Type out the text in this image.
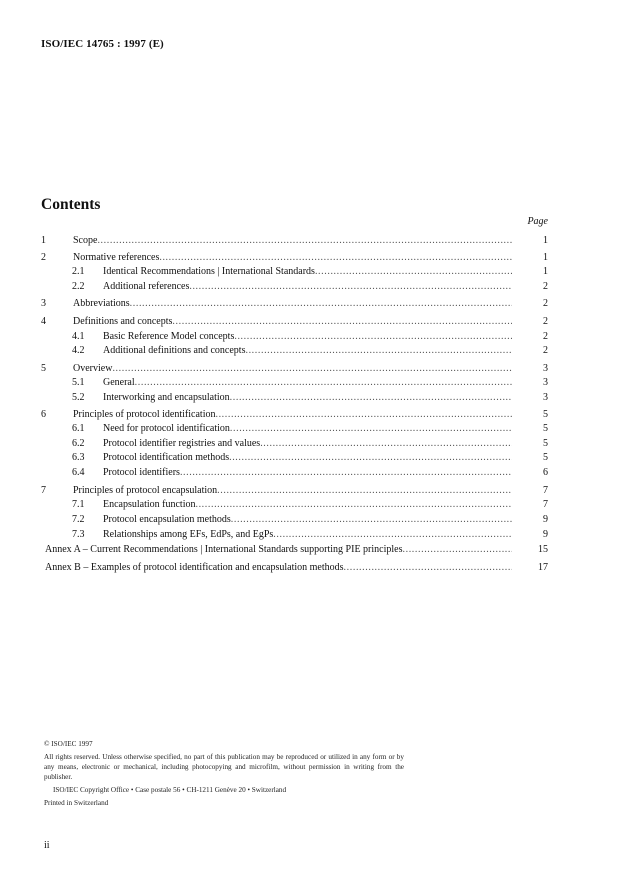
ISO/IEC 14765 : 1997 (E)
Contents
Page
1	Scope .....	1
2	Normative references .....	1
2.1 Identical Recommendations | International Standards .....	1
2.2 Additional references .....	2
3	Abbreviations .....	2
4	Definitions and concepts .....	2
4.1 Basic Reference Model concepts .....	2
4.2 Additional definitions and concepts .....	2
5	Overview .....	3
5.1 General .....	3
5.2 Interworking and encapsulation .....	3
6	Principles of protocol identification .....	5
6.1 Need for protocol identification .....	5
6.2 Protocol identifier registries and values .....	5
6.3 Protocol identification methods .....	5
6.4 Protocol identifiers .....	6
7	Principles of protocol encapsulation .....	7
7.1 Encapsulation function .....	7
7.2 Protocol encapsulation methods .....	9
7.3 Relationships among EFs, EdPs, and EgPs .....	9
Annex A – Current Recommendations | International Standards supporting PIE principles .....	15
Annex B – Examples of protocol identification and encapsulation methods .....	17
© ISO/IEC 1997
All rights reserved. Unless otherwise specified, no part of this publication may be reproduced or utilized in any form or by any means, electronic or mechanical, including photocopying and microfilm, without permission in writing from the publisher.
ISO/IEC Copyright Office • Case postale 56 • CH-1211 Genève 20 • Switzerland
Printed in Switzerland
ii
